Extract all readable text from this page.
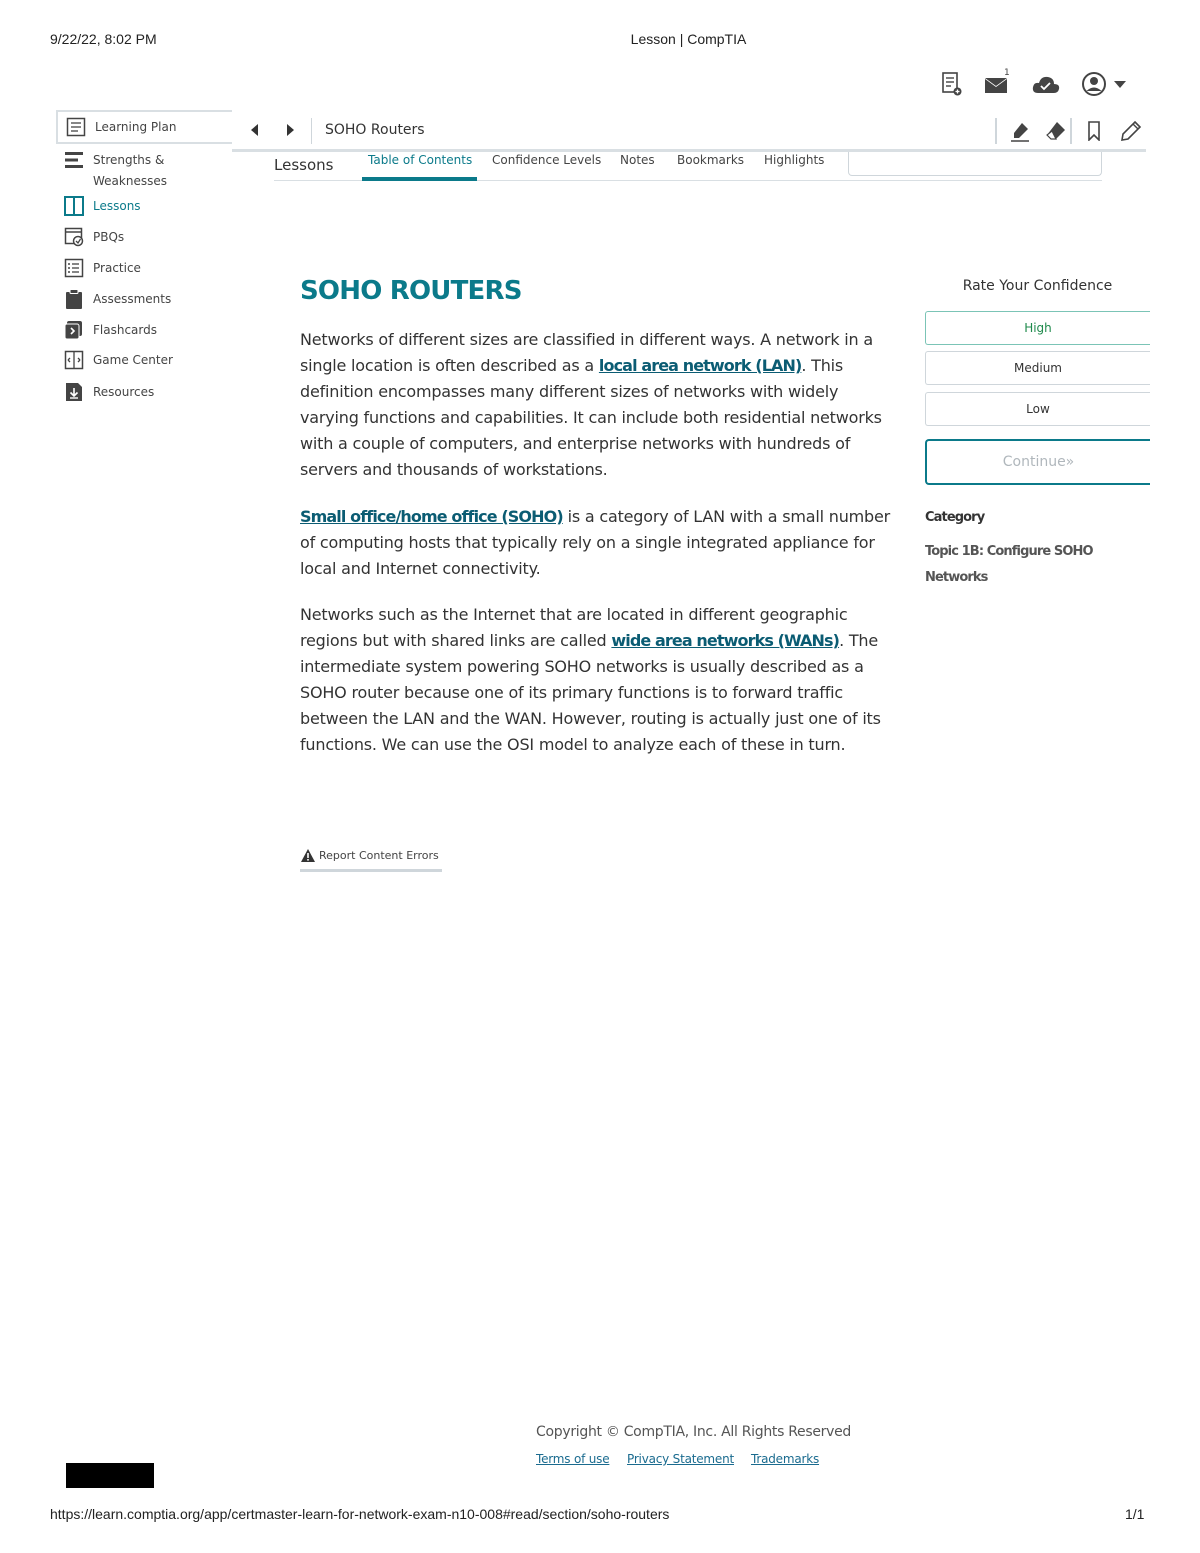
9/22/22, 8:02 PM	Lesson | CompTIA
1
Learning Plan
Strengths &
Weaknesses
Lessons
PBQs
Practice
Assessments
Flashcards
Game Center
Resources
SOHO Routers
Lessons	Table of Contents Confidence Levels Notes Bookmarks Highlights
SOHO ROUTERS
Networks of different sizes are classified in different ways. A network in a single location is often described as a local area network (LAN). This definition encompasses many different sizes of networks with widely varying functions and capabilities. It can include both residential networks with a couple of computers, and enterprise networks with hundreds of servers and thousands of workstations.
Small office/home office (SOHO) is a category of LAN with a small number of computing hosts that typically rely on a single integrated appliance for local and Internet connectivity.
Networks such as the Internet that are located in different geographic regions but with shared links are called wide area networks (WANs). The intermediate system powering SOHO networks is usually described as a SOHO router because one of its primary functions is to forward traffic between the LAN and the WAN. However, routing is actually just one of its functions. We can use the OSI model to analyze each of these in turn.
Report Content Errors
Rate Your Confidence
High
Medium
Low
Continue»
Category
Topic 1B: Configure SOHO Networks
Copyright © CompTIA, Inc. All Rights Reserved
Terms of use Privacy Statement Trademarks
https://learn.comptia.org/app/certmaster-learn-for-network-exam-n10-008#read/section/soho-routers	1/1
